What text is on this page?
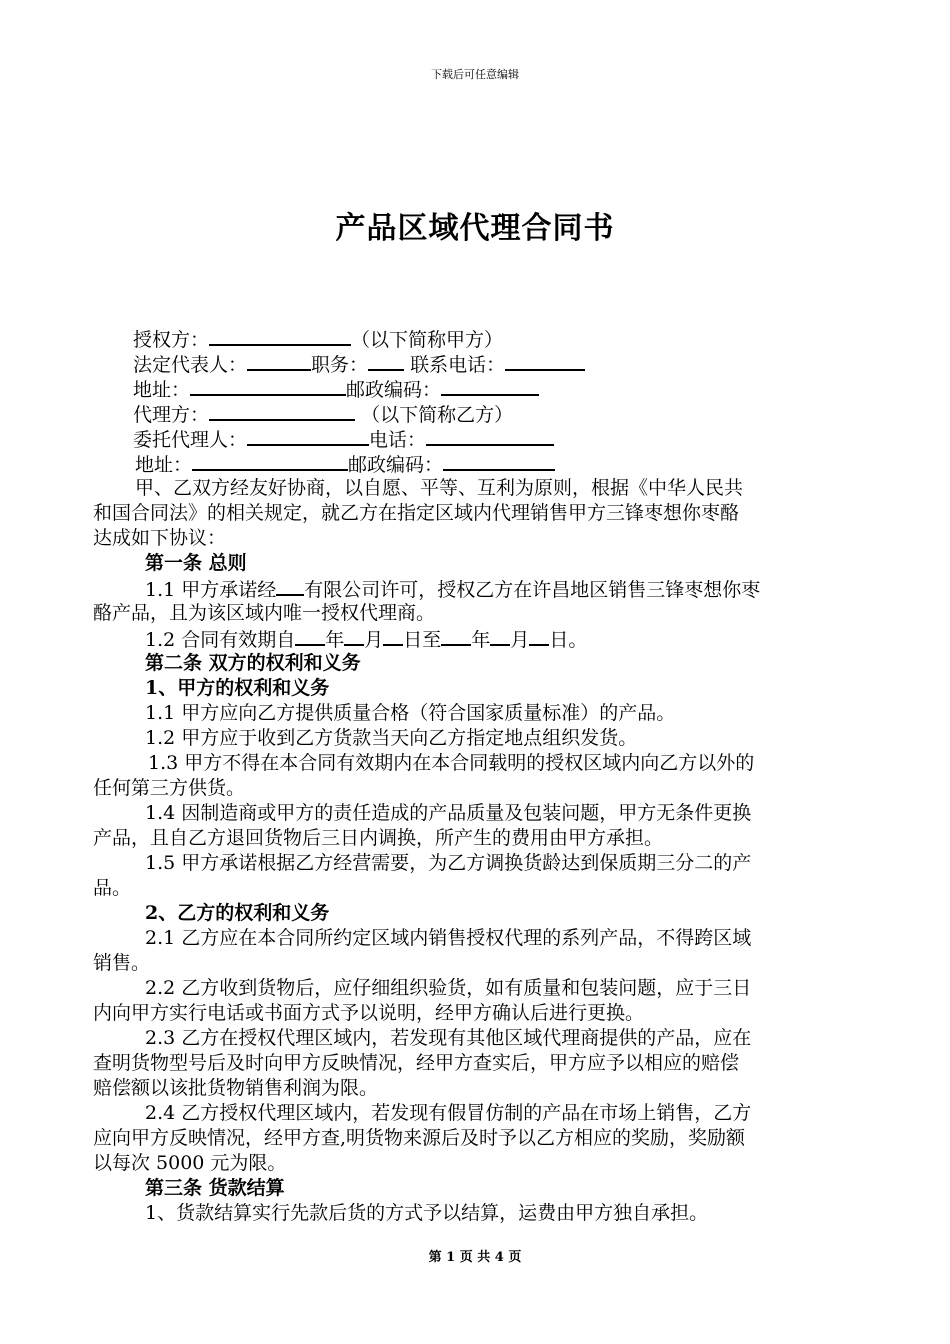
下载后可任意编辑
产品区域代理合同书
授权方：	（以下简称甲方）
法定代表人：	职务： 联系电话：
地址：	邮政编码：
代理方：	（以下简称乙方）
委托代理人：	电话：
地址：	邮政编码：
甲、乙双方经友好协商，以自愿、平等、互利为原则，根据《中华人民共
和国合同法》的相关规定，就乙方在指定区域内代理销售甲方三锋枣想你枣酪
达成如下协议：
第一条 总则
1.1 甲方承诺经 有限公司许可，授权乙方在许昌地区销售三锋枣想你枣
酪产品，且为该区域内唯一授权代理商。
1.2 合同有效期自 年 月 日至 年 月 日。
第二条 双方的权利和义务
1、甲方的权利和义务
1.1 甲方应向乙方提供质量合格（符合国家质量标准）的产品。
1.2 甲方应于收到乙方货款当天向乙方指定地点组织发货。
1.3 甲方不得在本合同有效期内在本合同载明的授权区域内向乙方以外的
任何第三方供货。
1.4 因制造商或甲方的责任造成的产品质量及包装问题，甲方无条件更换
产品，且自乙方退回货物后三日内调换，所产生的费用由甲方承担。
1.5 甲方承诺根据乙方经营需要，为乙方调换货龄达到保质期三分二的产
品。
2、乙方的权利和义务
2.1 乙方应在本合同所约定区域内销售授权代理的系列产品，不得跨区域
销售。
2.2 乙方收到货物后，应仔细组织验货，如有质量和包装问题，应于三日
内向甲方实行电话或书面方式予以说明，经甲方确认后进行更换。
2.3 乙方在授权代理区域内，若发现有其他区域代理商提供的产品，应在
查明货物型号后及时向甲方反映情况，经甲方查实后，甲方应予以相应的赔偿
赔偿额以该批货物销售利润为限。
2.4 乙方授权代理区域内，若发现有假冒仿制的产品在市场上销售，乙方
应向甲方反映情况，经甲方查,明货物来源后及时予以乙方相应的奖励，奖励额
以每次 5000 元为限。
第三条 货款结算
1、货款结算实行先款后货的方式予以结算，运费由甲方独自承担。
第 1 页 共 4 页
